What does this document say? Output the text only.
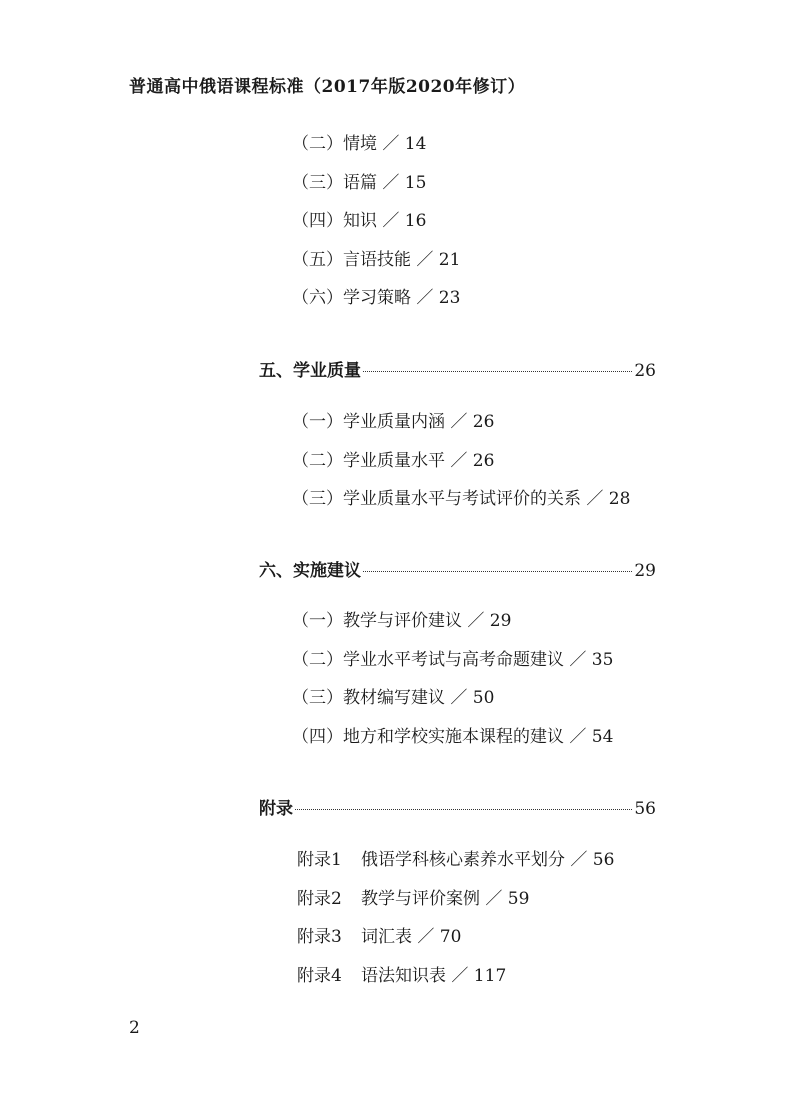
普通高中俄语课程标准（2017年版2020年修订）
（二）情境 ／ 14
（三）语篇 ／ 15
（四）知识 ／ 16
（五）言语技能 ／ 21
（六）学习策略 ／ 23
五、学业质量	26
（一）学业质量内涵 ／ 26
（二）学业质量水平 ／ 26
（三）学业质量水平与考试评价的关系 ／ 28
六、实施建议	29
（一）教学与评价建议 ／ 29
（二）学业水平考试与高考命题建议 ／ 35
（三）教材编写建议 ／ 50
（四）地方和学校实施本课程的建议 ／ 54
附录	56
附录1 俄语学科核心素养水平划分 ／ 56
附录2 教学与评价案例 ／ 59
附录3 词汇表 ／ 70
附录4 语法知识表 ／ 117
2
